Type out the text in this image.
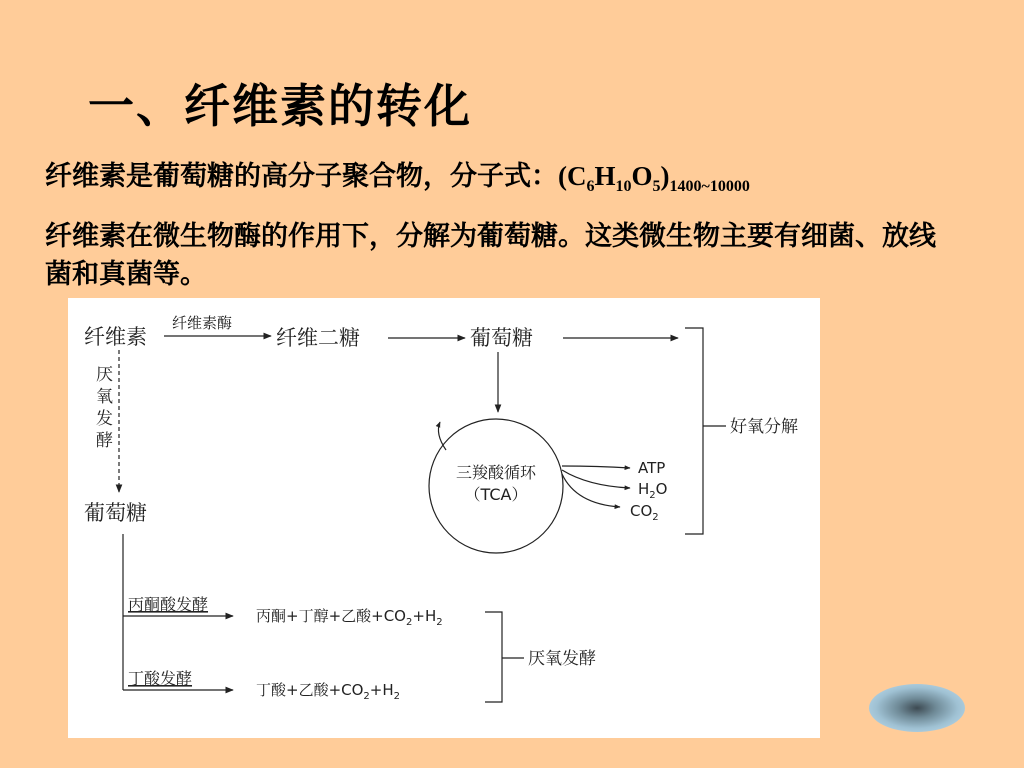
一、纤维素的转化
纤维素是葡萄糖的高分子聚合物，分子式：$(C_6H_{10}O_5)_{1400\sim 10000}$
纤维素在微生物酶的作用下，分解为葡萄糖。这类微生物主要有细菌、放线菌和真菌等。
纤维素
纤维素酶
纤维二糖	葡萄糖
厌
氧
发
酵
葡萄糖
三羧酸循环
（TCA）
ATP
$H_2O$
$CO_2$
好氧分解
丙酮酸发酵
丙酮+丁醇+乙酸$+CO_2+H_2$
丁酸发酵
丁酸+乙酸$+CO_2+H_2$
厌氧发酵
